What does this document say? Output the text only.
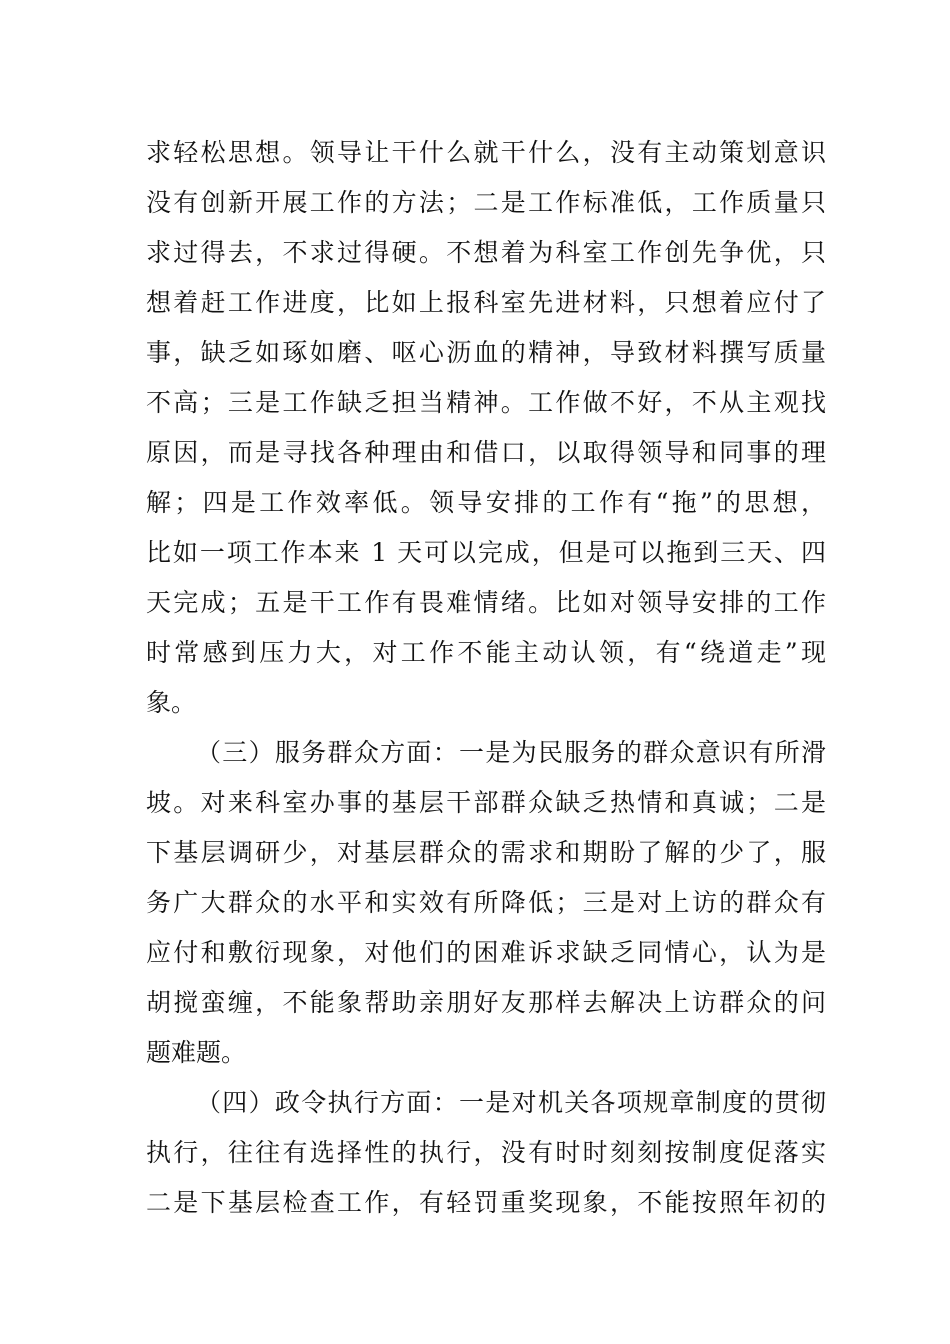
求轻松思想。领导让干什么就干什么，没有主动策划意识
没有创新开展工作的方法；二是工作标准低，工作质量只
求过得去，不求过得硬。不想着为科室工作创先争优，只
想着赶工作进度，比如上报科室先进材料，只想着应付了
事，缺乏如琢如磨、呕心沥血的精神，导致材料撰写质量
不高；三是工作缺乏担当精神。工作做不好，不从主观找
原因，而是寻找各种理由和借口，以取得领导和同事的理
解；四是工作效率低。领导安排的工作有“拖”的思想，
比如一项工作本来 1 天可以完成，但是可以拖到三天、四
天完成；五是干工作有畏难情绪。比如对领导安排的工作
时常感到压力大，对工作不能主动认领，有“绕道走”现
象。
（三）服务群众方面：一是为民服务的群众意识有所滑
坡。对来科室办事的基层干部群众缺乏热情和真诚；二是
下基层调研少，对基层群众的需求和期盼了解的少了，服
务广大群众的水平和实效有所降低；三是对上访的群众有
应付和敷衍现象，对他们的困难诉求缺乏同情心，认为是
胡搅蛮缠，不能象帮助亲朋好友那样去解决上访群众的问
题难题。
（四）政令执行方面：一是对机关各项规章制度的贯彻
执行，往往有选择性的执行，没有时时刻刻按制度促落实
二是下基层检查工作，有轻罚重奖现象，不能按照年初的
